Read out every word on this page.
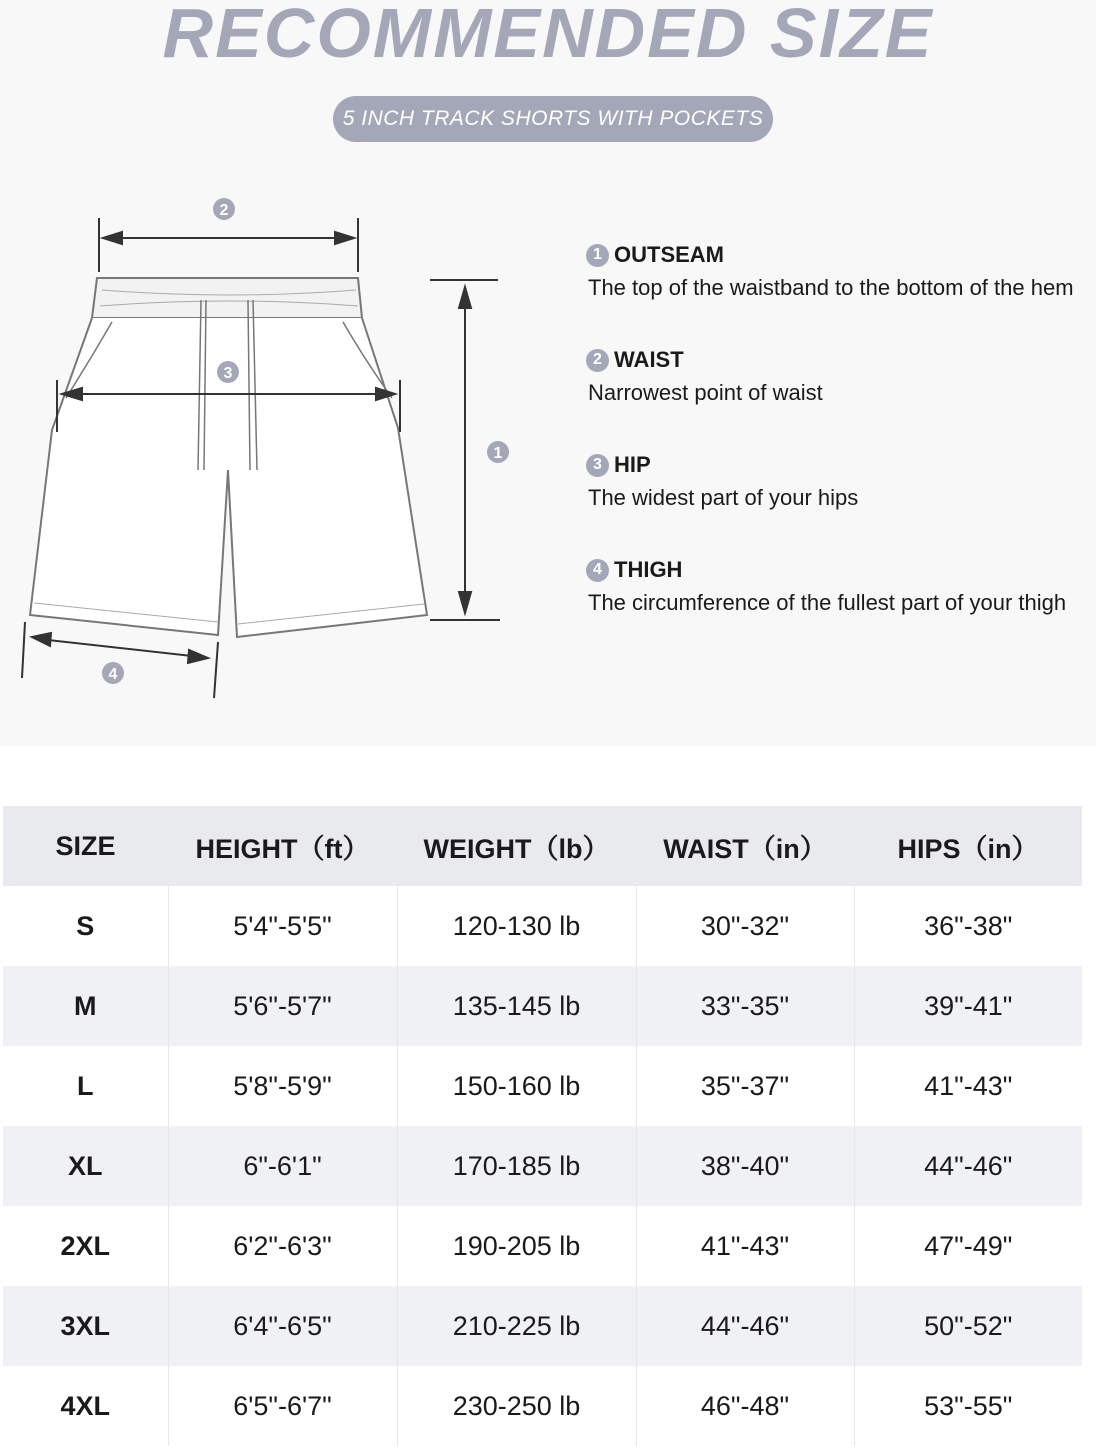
RECOMMENDED SIZE
5 INCH TRACK SHORTS WITH POCKETS
2
3
1
4
1 OUTSEAM
The top of the waistband to the bottom of the hem
2 WAIST
Narrowest point of waist
3 HIP
The widest part of your hips
4 THIGH
The circumference of the fullest part of your thigh
SIZE	HEIGHT（ft）	WEIGHT（lb）	WAIST（in）	HIPS（in）
S	5'4"-5'5"	120-130 lb	30"-32"	36"-38"
M	5'6"-5'7"	135-145 lb	33"-35"	39"-41"
L	5'8"-5'9"	150-160 lb	35"-37"	41"-43"
XL	6"-6'1"	170-185 lb	38"-40"	44"-46"
2XL	6'2"-6'3"	190-205 lb	41"-43"	47"-49"
3XL	6'4"-6'5"	210-225 lb	44"-46"	50"-52"
4XL	6'5"-6'7"	230-250 lb	46"-48"	53"-55"
